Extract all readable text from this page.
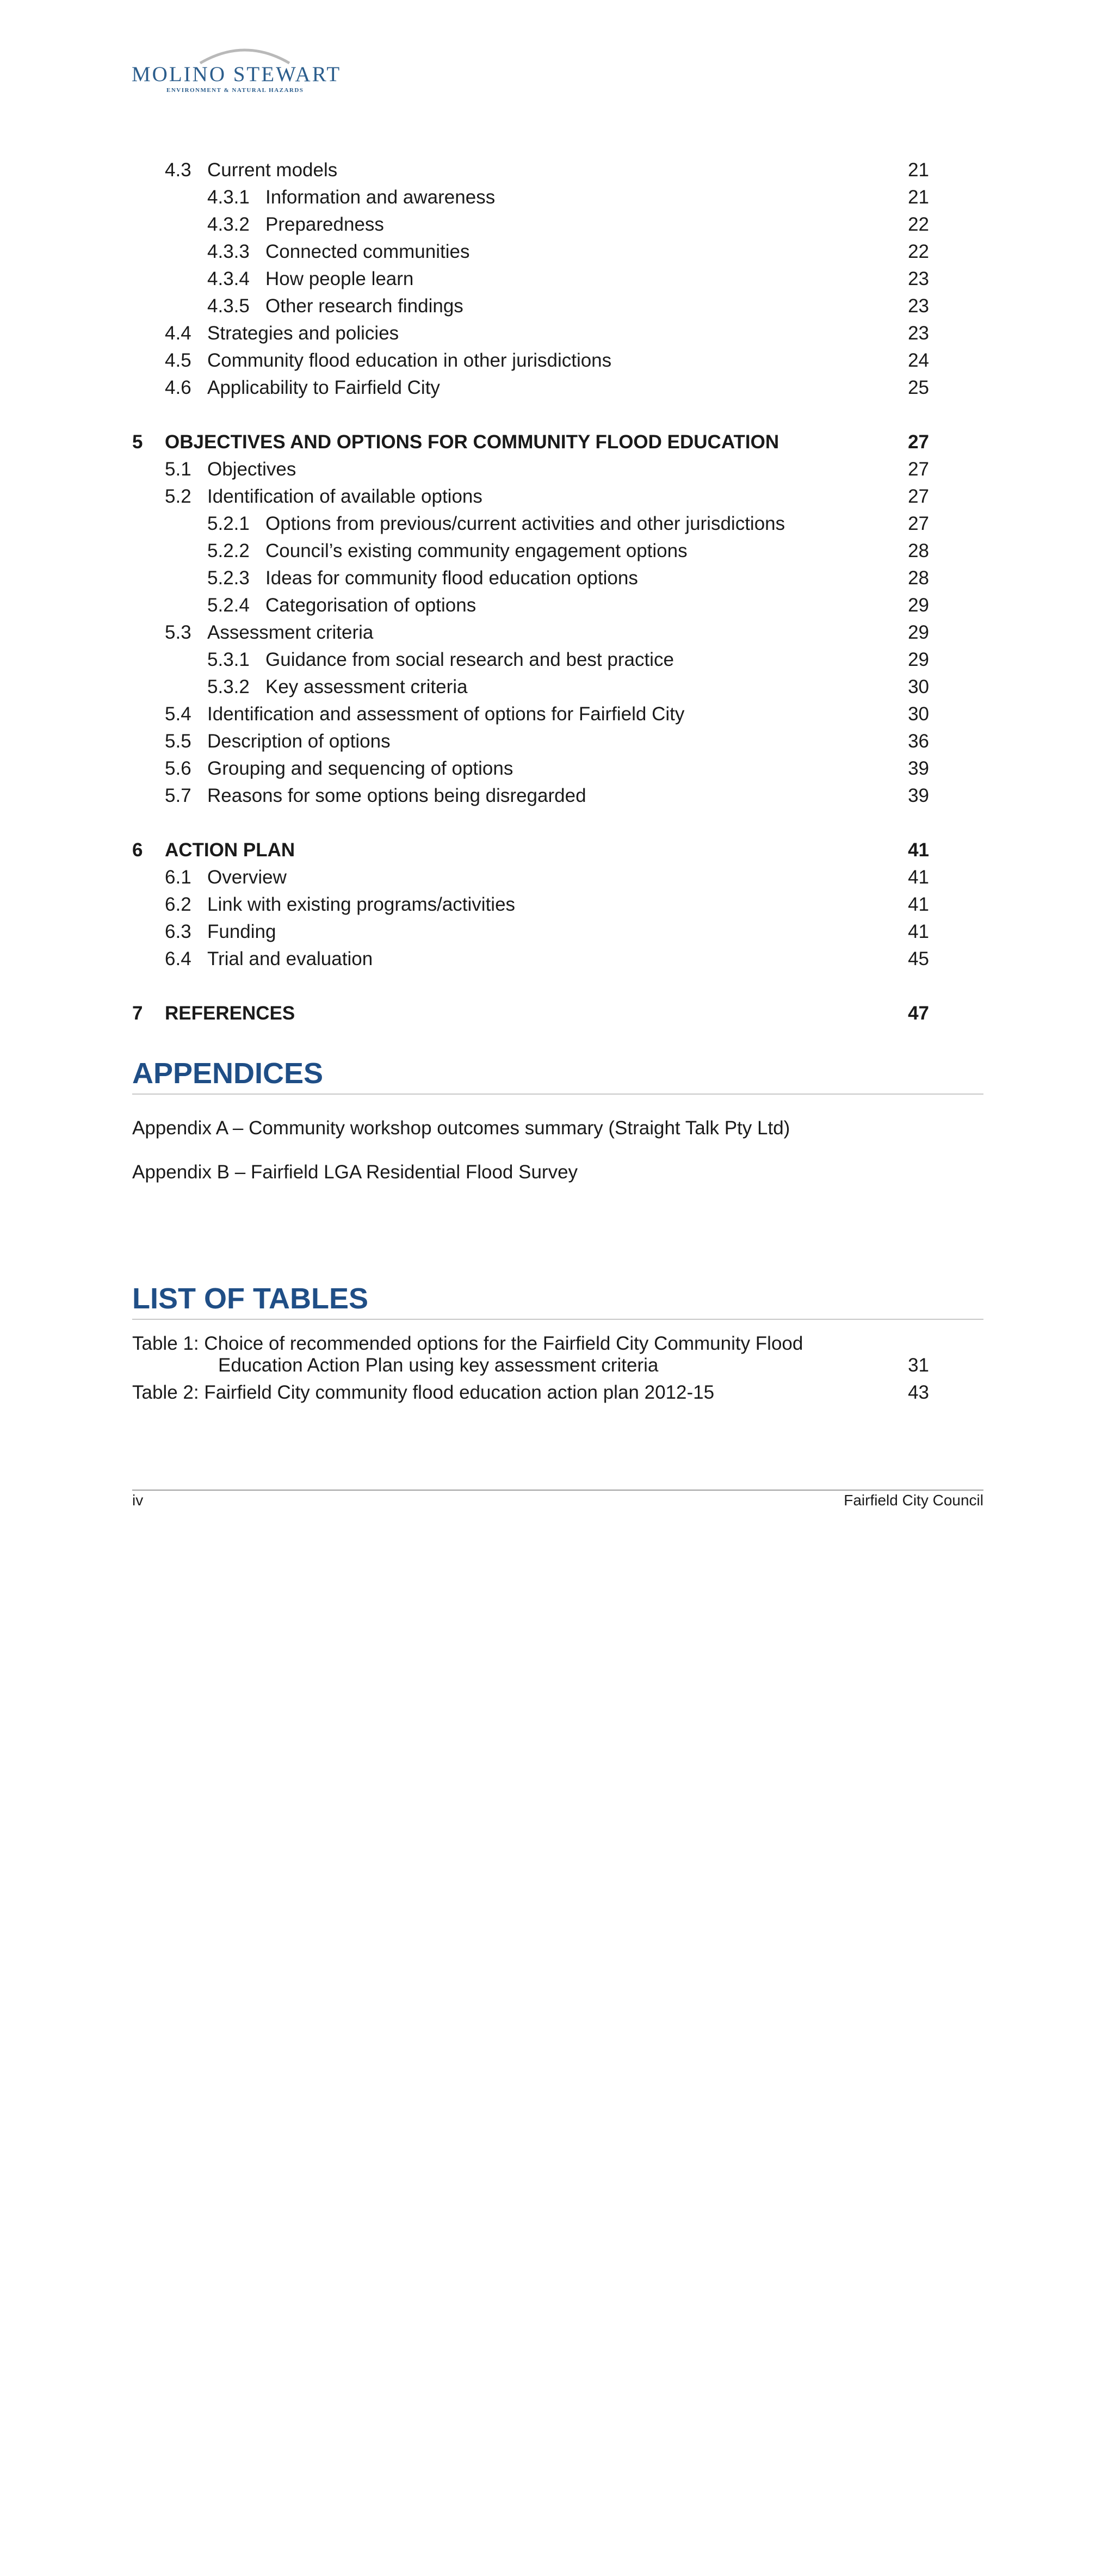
MOLINO STEWART
ENVIRONMENT & NATURAL HAZARDS
4.3 Current models	21
4.3.1 Information and awareness	21
4.3.2 Preparedness	22
4.3.3 Connected communities	22
4.3.4 How people learn	23
4.3.5 Other research findings	23
4.4 Strategies and policies	23
4.5 Community flood education in other jurisdictions	24
4.6 Applicability to Fairfield City	25
5 OBJECTIVES AND OPTIONS FOR COMMUNITY FLOOD EDUCATION	27
5.1 Objectives	27
5.2 Identification of available options	27
5.2.1 Options from previous/current activities and other jurisdictions	27
5.2.2 Council’s existing community engagement options	28
5.2.3 Ideas for community flood education options	28
5.2.4 Categorisation of options	29
5.3 Assessment criteria	29
5.3.1 Guidance from social research and best practice	29
5.3.2 Key assessment criteria	30
5.4 Identification and assessment of options for Fairfield City	30
5.5 Description of options	36
5.6 Grouping and sequencing of options	39
5.7 Reasons for some options being disregarded	39
6 ACTION PLAN	41
6.1 Overview	41
6.2 Link with existing programs/activities	41
6.3 Funding	41
6.4 Trial and evaluation	45
7 REFERENCES	47
APPENDICES
Appendix A – Community workshop outcomes summary (Straight Talk Pty Ltd)
Appendix B – Fairfield LGA Residential Flood Survey
LIST OF TABLES
Table 1: Choice of recommended options for the Fairfield City Community Flood
Education Action Plan using key assessment criteria	31
Table 2: Fairfield City community flood education action plan 2012-15	43
iv	Fairfield City Council
